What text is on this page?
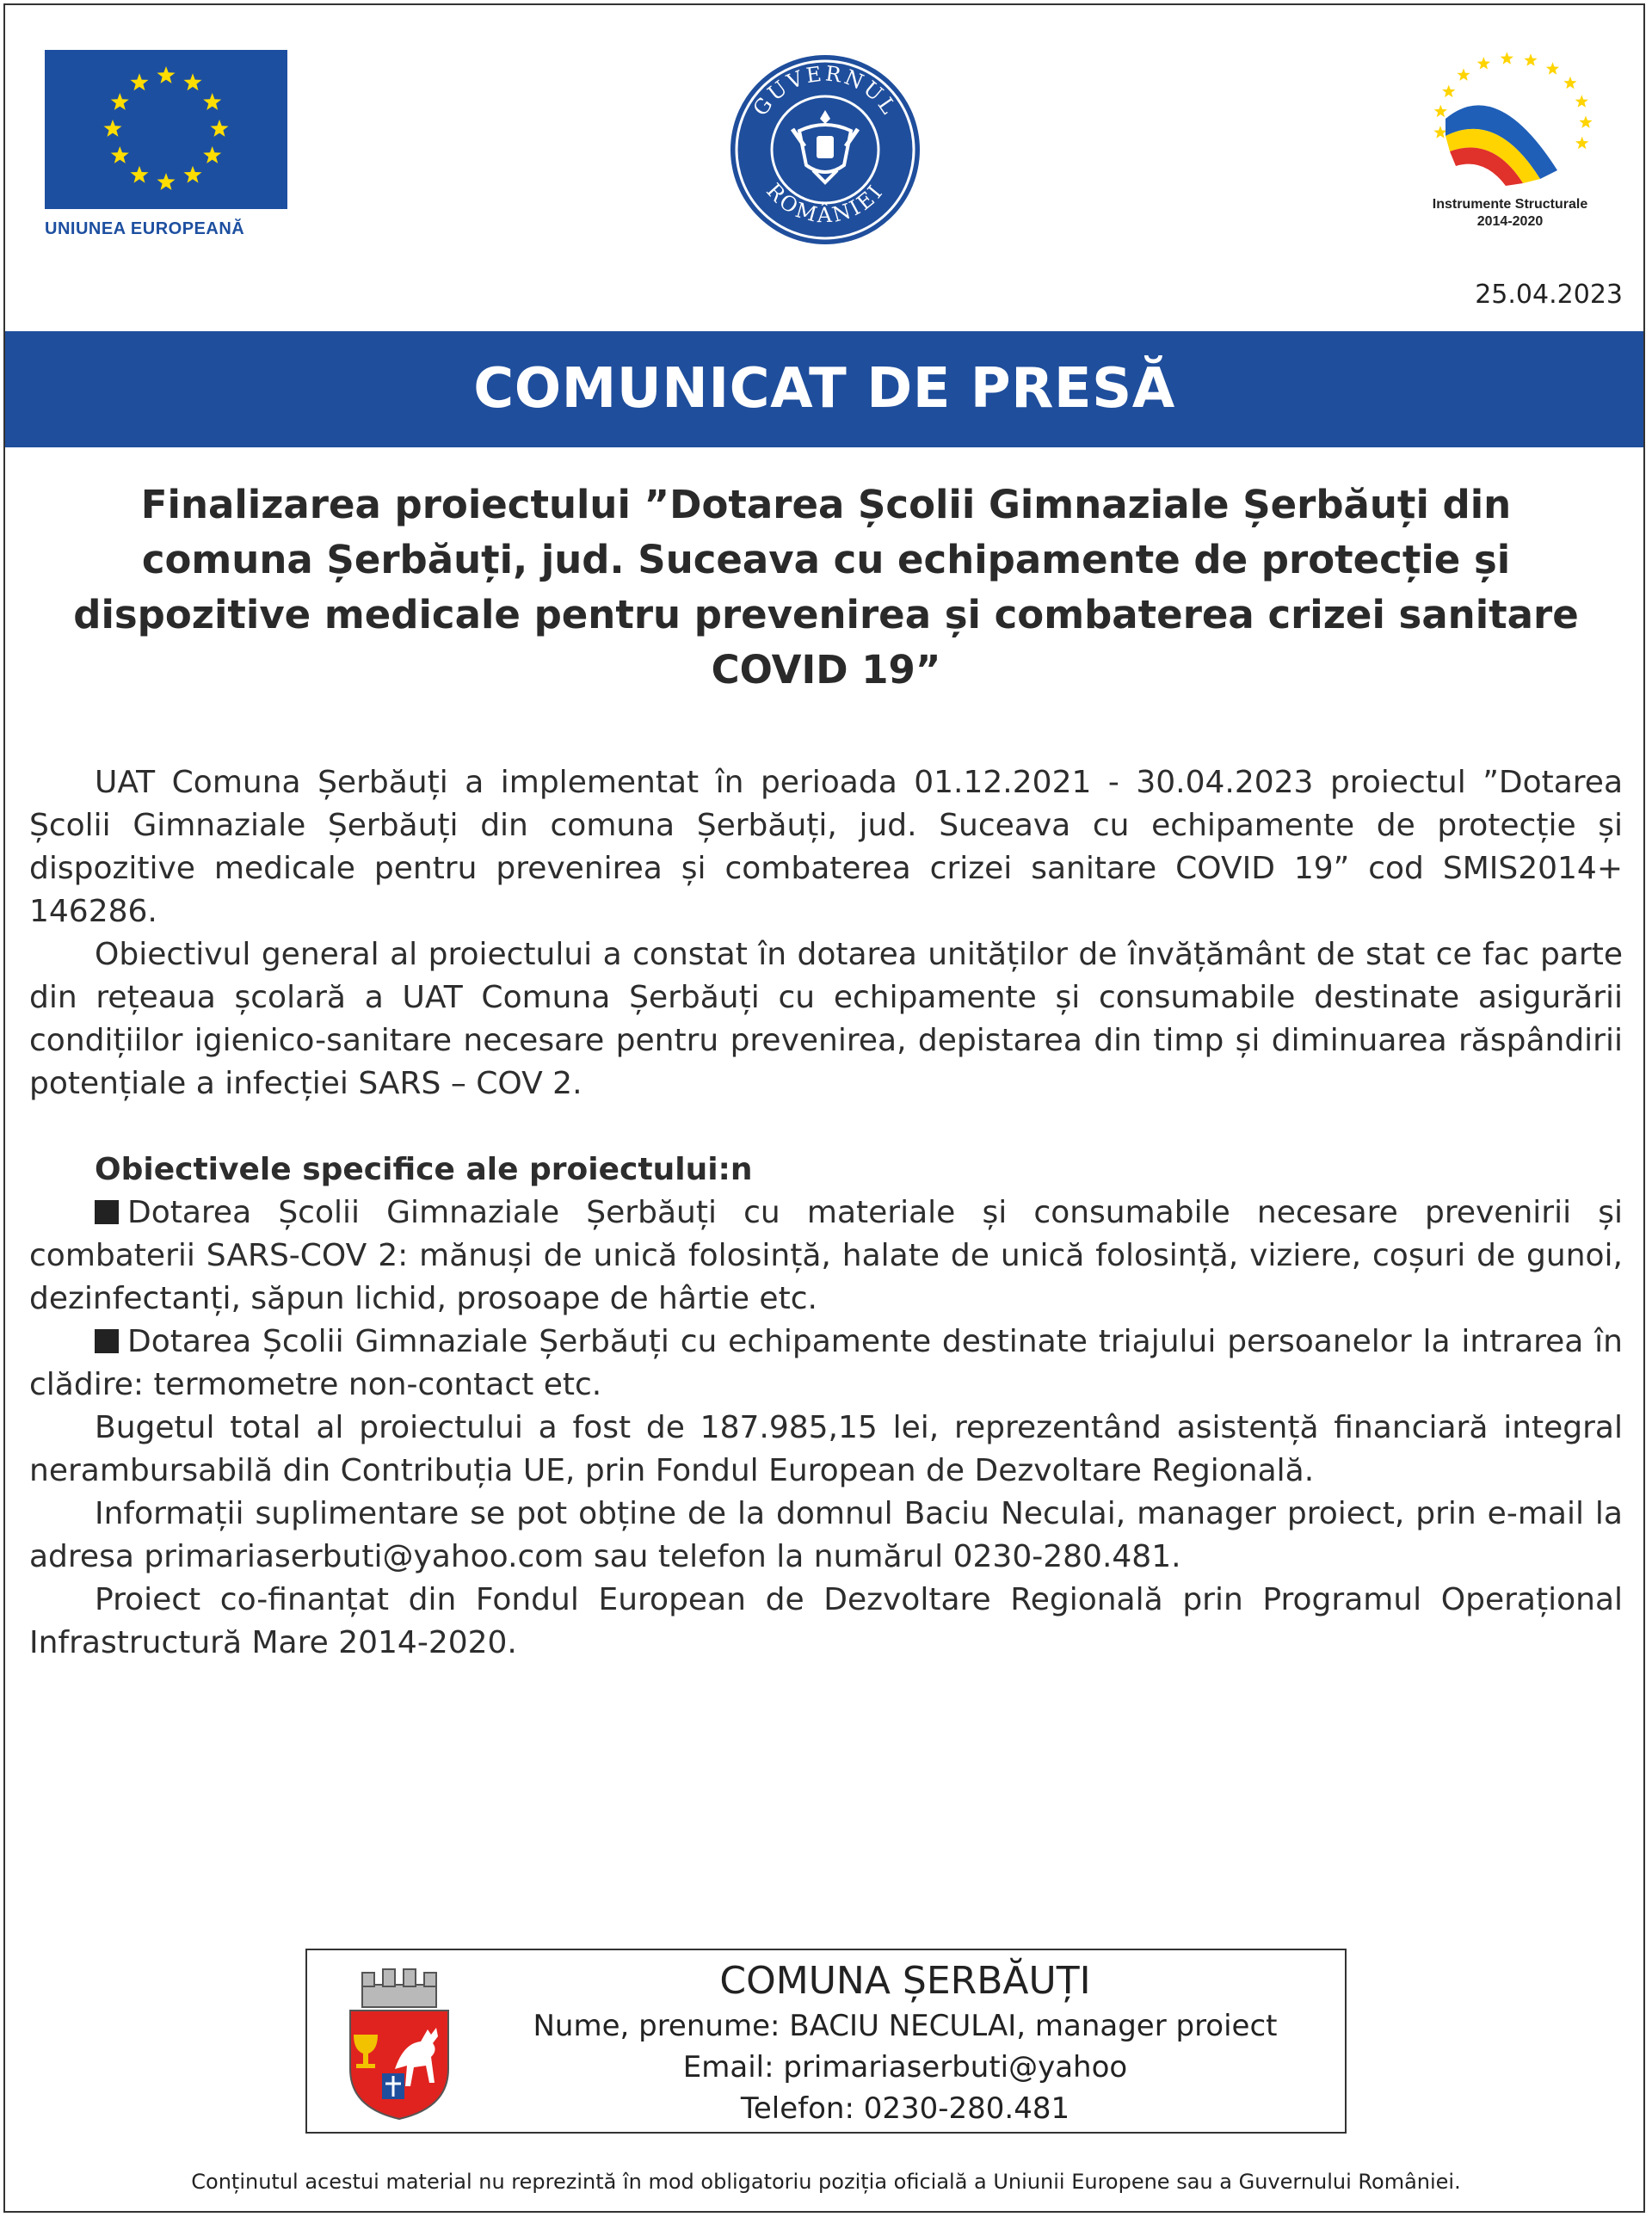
UNIUNEA EUROPEANĂ
GUVERNUL
ROMÂNIEI
Instrumente Structurale
2014-2020
25.04.2023
COMUNICAT DE PRESĂ
Finalizarea proiectului ”Dotarea Școlii Gimnaziale Șerbăuți din comuna Șerbăuți, jud. Suceava cu echipamente de protecție și dispozitive medicale pentru prevenirea și combaterea crizei sanitare COVID 19”

UAT Comuna Șerbăuți a implementat în perioada 01.12.2021 - 30.04.2023 proiectul ”Dotarea Școlii Gimnaziale Șerbăuți din comuna Șerbăuți, jud. Suceava cu echipamente de protecție și dispozitive medicale pentru prevenirea și combaterea crizei sanitare COVID 19” cod SMIS2014+ 146286.

Obiectivul general al proiectului a constat în dotarea unităților de învățământ de stat ce fac parte din rețeaua școlară a UAT Comuna Șerbăuți cu echipamente și consumabile destinate asigurării condițiilor igienico-sanitare necesare pentru prevenirea, depistarea din timp și diminuarea răspândirii potențiale a infecției SARS – COV 2.

Obiectivele specifice ale proiectului:n

Dotarea Școlii Gimnaziale Șerbăuți cu materiale și consumabile necesare prevenirii și combaterii SARS-COV 2: mănuși de unică folosință, halate de unică folosință, viziere, coșuri de gunoi, dezinfectanți, săpun lichid, prosoape de hârtie etc.

Dotarea Școlii Gimnaziale Șerbăuți cu echipamente destinate triajului persoanelor la intrarea în clădire: termometre non-contact etc.

Bugetul total al proiectului a fost de 187.985,15 lei, reprezentând asistență financiară integral nerambursabilă din Contribuția UE, prin Fondul European de Dezvoltare Regională.

Informații suplimentare se pot obține de la domnul Baciu Neculai, manager proiect, prin e-mail la adresa primariaserbuti@yahoo.com sau telefon la numărul 0230-280.481.

Proiect co-finanțat din Fondul European de Dezvoltare Regională prin Programul Operațional Infrastructură Mare 2014-2020.

COMUNA ȘERBĂUȚI
Nume, prenume: BACIU NECULAI, manager proiect
Email: primariaserbuti@yahoo
Telefon: 0230-280.481
Conținutul acestui material nu reprezintă în mod obligatoriu poziția oficială a Uniunii Europene sau a Guvernului României.
